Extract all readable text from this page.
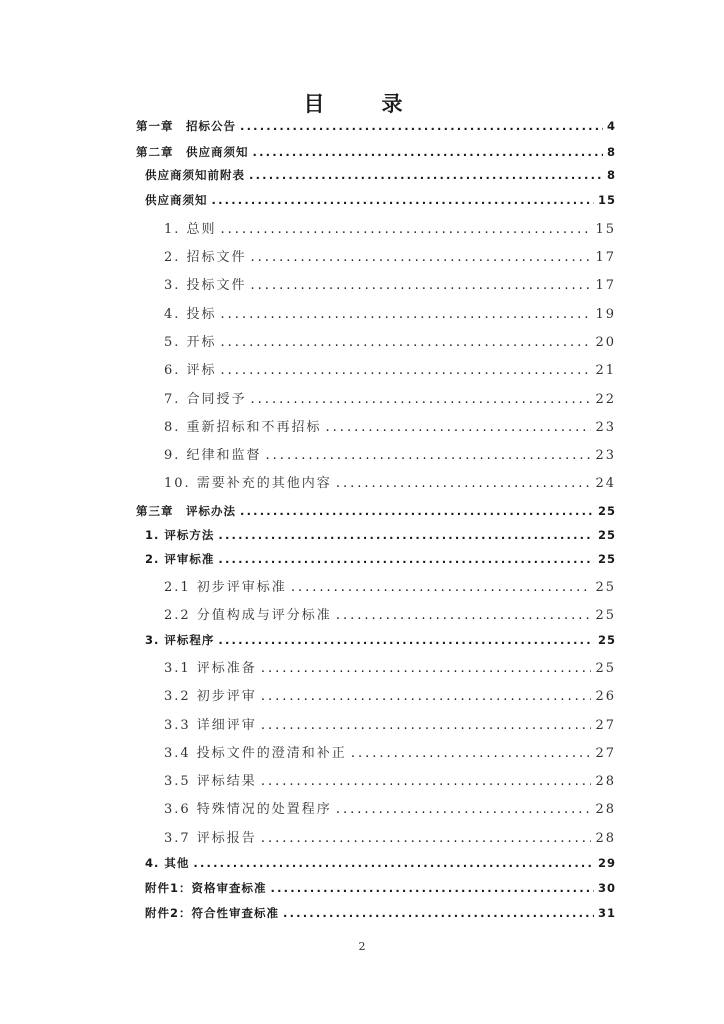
目　录
第一章　招标公告 .....	4
第二章　供应商须知 .....	8
供应商须知前附表 .....	8
供应商须知 .....	15
1. 总则 .....	15
2. 招标文件 .....	17
3. 投标文件 .....	17
4. 投标 .....	19
5. 开标 .....	20
6. 评标 .....	21
7. 合同授予 .....	22
8. 重新招标和不再招标 .....	23
9. 纪律和监督 .....	23
10. 需要补充的其他内容 .....	24
第三章　评标办法 .....	25
1. 评标方法 .....	25
2. 评审标准 .....	25
2.1 初步评审标准 .....	25
2.2 分值构成与评分标准 .....	25
3. 评标程序 .....	25
3.1 评标准备 .....	25
3.2 初步评审 .....	26
3.3 详细评审 .....	27
3.4 投标文件的澄清和补正 .....	27
3.5 评标结果 .....	28
3.6 特殊情况的处置程序 .....	28
3.7 评标报告 .....	28
4. 其他 .....	29
附件1：资格审查标准 .....	30
附件2：符合性审查标准 .....	31
2
